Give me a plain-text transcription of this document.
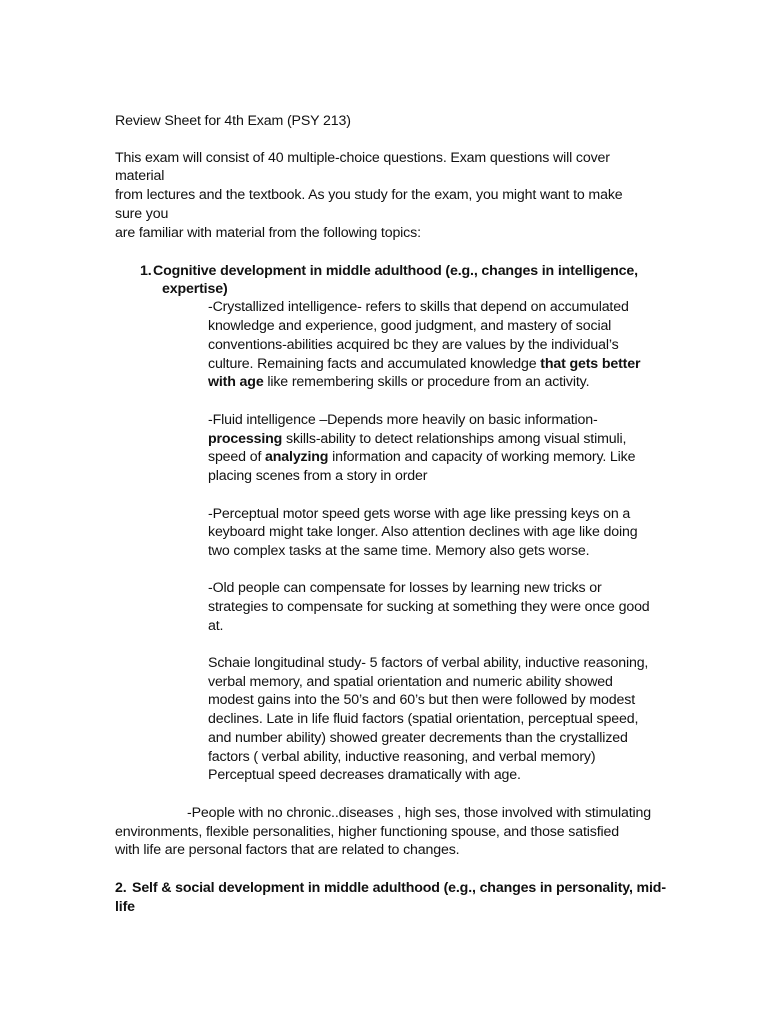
Review Sheet for 4th Exam (PSY 213)
This exam will consist of 40 multiple-choice questions. Exam questions will cover
material
from lectures and the textbook. As you study for the exam, you might want to make
sure you
are familiar with material from the following topics:
1. Cognitive development in middle adulthood (e.g., changes in intelligence,
expertise)
-Crystallized intelligence- refers to skills that depend on accumulated
knowledge and experience, good judgment, and mastery of social
conventions-abilities acquired bc they are values by the individual’s
culture. Remaining facts and accumulated knowledge that gets better
with age like remembering skills or procedure from an activity.
-Fluid intelligence –Depends more heavily on basic information-
processing skills-ability to detect relationships among visual stimuli,
speed of analyzing information and capacity of working memory. Like
placing scenes from a story in order
-Perceptual motor speed gets worse with age like pressing keys on a
keyboard might take longer. Also attention declines with age like doing
two complex tasks at the same time. Memory also gets worse.
-Old people can compensate for losses by learning new tricks or
strategies to compensate for sucking at something they were once good
at.
Schaie longitudinal study- 5 factors of verbal ability, inductive reasoning,
verbal memory, and spatial orientation and numeric ability showed
modest gains into the 50’s and 60’s but then were followed by modest
declines. Late in life fluid factors (spatial orientation, perceptual speed,
and number ability) showed greater decrements than the crystallized
factors ( verbal ability, inductive reasoning, and verbal memory)
Perceptual speed decreases dramatically with age.
-People with no chronic..diseases , high ses, those involved with stimulating
environments, flexible personalities, higher functioning spouse, and those satisfied
with life are personal factors that are related to changes.
2. Self & social development in middle adulthood (e.g., changes in personality, mid-
life
